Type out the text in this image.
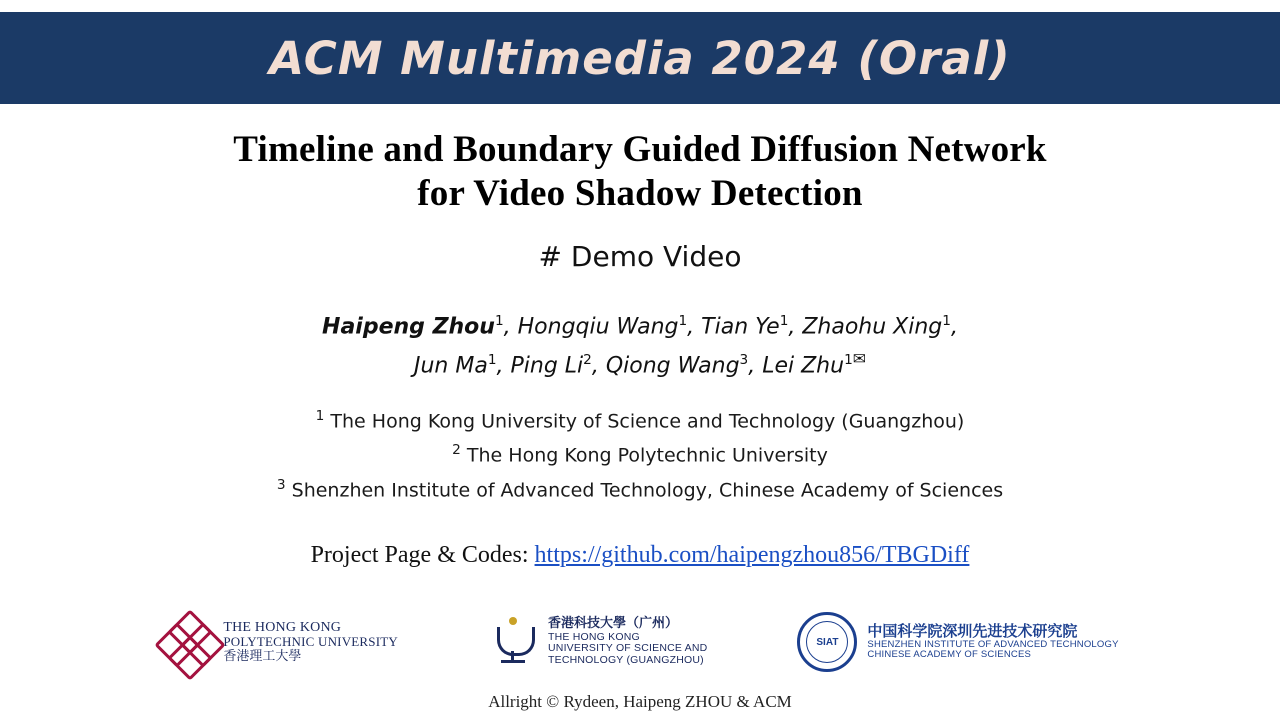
ACM Multimedia 2024 (Oral)
Timeline and Boundary Guided Diffusion Network
for Video Shadow Detection
# Demo Video
Haipeng Zhou$^1$, Hongqiu Wang$^1$, Tian Ye$^1$, Zhaohu Xing$^1$,
Jun Ma$^1$, Ping Li$^2$, Qiong Wang$^3$, Lei Zhu$^{1✉}$
$^1$ The Hong Kong University of Science and Technology (Guangzhou)
$^2$ The Hong Kong Polytechnic University
$^3$ Shenzhen Institute of Advanced Technology, Chinese Academy of Sciences
Project Page & Codes: https://github.com/haipengzhou856/TBGDiff
THE HONG KONG
POLYTECHNIC UNIVERSITY
香港理工大學
香港科技大學（广州）
THE HONG KONG
UNIVERSITY OF SCIENCE AND
TECHNOLOGY (GUANGZHOU)
SIAT
中国科学院深圳先进技术研究院
SHENZHEN INSTITUTE OF ADVANCED TECHNOLOGY
CHINESE ACADEMY OF SCIENCES
Allright © Rydeen, Haipeng ZHOU & ACM
